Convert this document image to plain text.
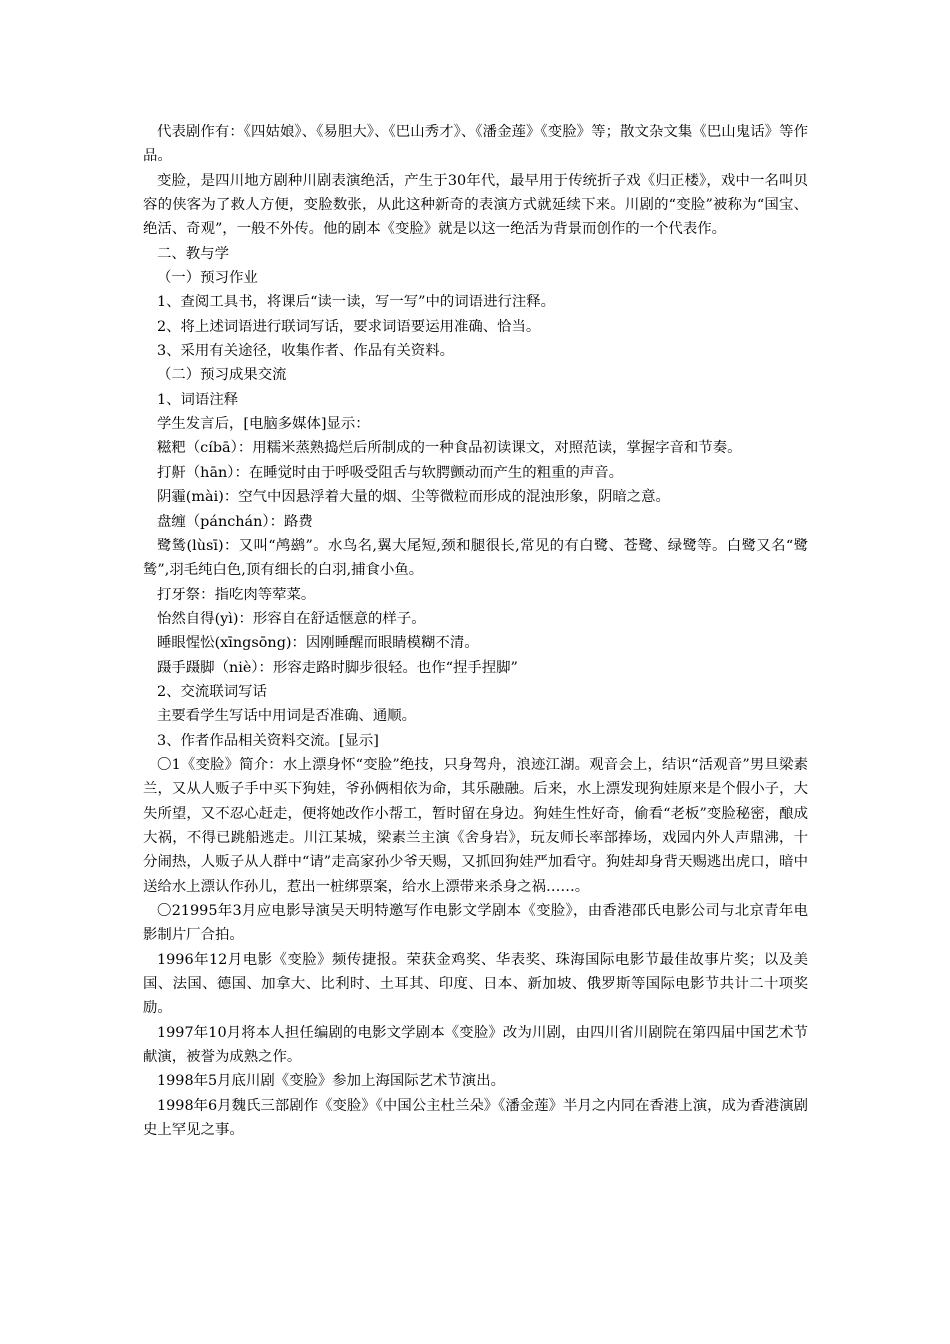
代表剧作有：《四姑娘》、《易胆大》、《巴山秀才》、《潘金莲》《变脸》等；散文杂文集《巴山鬼话》等作品。

变脸，是四川地方剧种川剧表演绝活，产生于30年代，最早用于传统折子戏《归正楼》，戏中一名叫贝容的侠客为了救人方便，变脸数张，从此这种新奇的表演方式就延续下来。川剧的“变脸”被称为“国宝、绝活、奇观”，一般不外传。他的剧本《变脸》就是以这一绝活为背景而创作的一个代表作。

二、教与学

（一）预习作业

1、查阅工具书，将课后“读一读，写一写”中的词语进行注释。

2、将上述词语进行联词写话，要求词语要运用准确、恰当。

3、采用有关途径，收集作者、作品有关资料。

（二）预习成果交流

1、词语注释

学生发言后，[电脑多媒体]显示：

糍粑（cíbā）：用糯米蒸熟捣烂后所制成的一种食品初读课文，对照范读，掌握字音和节奏。

打鼾（hān）：在睡觉时由于呼吸受阻舌与软腭颤动而产生的粗重的声音。

阴霾(mài)：空气中因悬浮着大量的烟、尘等微粒而形成的混浊形象，阴暗之意。

盘缠（pánchán）：路费

鹭鸶(lùsī)：又叫“鸬鹚”。水鸟名,翼大尾短,颈和腿很长,常见的有白鹭、苍鹭、绿鹭等。白鹭又名“鹭鸶”,羽毛纯白色,顶有细长的白羽,捕食小鱼。

打牙祭：指吃肉等荤菜。

怡然自得(yì)：形容自在舒适惬意的样子。

睡眼惺忪(xīngsōng)：因刚睡醒而眼睛模糊不清。

蹑手蹑脚（niè）：形容走路时脚步很轻。也作“捏手捏脚”

2、交流联词写话

主要看学生写话中用词是否准确、通顺。

3、作者作品相关资料交流。[显示]

〇1《变脸》简介：水上漂身怀“变脸”绝技，只身驾舟，浪迹江湖。观音会上，结识“活观音”男旦梁素兰，又从人贩子手中买下狗娃，爷孙俩相依为命，其乐融融。后来，水上漂发现狗娃原来是个假小子，大失所望，又不忍心赶走，便将她改作小帮工，暂时留在身边。狗娃生性好奇，偷看“老板”变脸秘密，酿成大祸，不得已跳船逃走。川江某城，梁素兰主演《舍身岩》，玩友师长率部捧场，戏园内外人声鼎沸，十分闹热，人贩子从人群中“请”走高家孙少爷天赐，又抓回狗娃严加看守。狗娃却身背天赐逃出虎口，暗中送给水上漂认作孙儿，惹出一桩绑票案，给水上漂带来杀身之祸……。

〇21995年3月应电影导演吴天明特邀写作电影文学剧本《变脸》，由香港邵氏电影公司与北京青年电影制片厂合拍。

1996年12月电影《变脸》频传捷报。荣获金鸡奖、华表奖、珠海国际电影节最佳故事片奖；以及美国、法国、德国、加拿大、比利时、土耳其、印度、日本、新加坡、俄罗斯等国际电影节共计二十项奖励。

1997年10月将本人担任编剧的电影文学剧本《变脸》改为川剧，由四川省川剧院在第四届中国艺术节献演，被誉为成熟之作。

1998年5月底川剧《变脸》参加上海国际艺术节演出。

1998年6月魏氏三部剧作《变脸》《中国公主杜兰朵》《潘金莲》半月之内同在香港上演，成为香港演剧史上罕见之事。
